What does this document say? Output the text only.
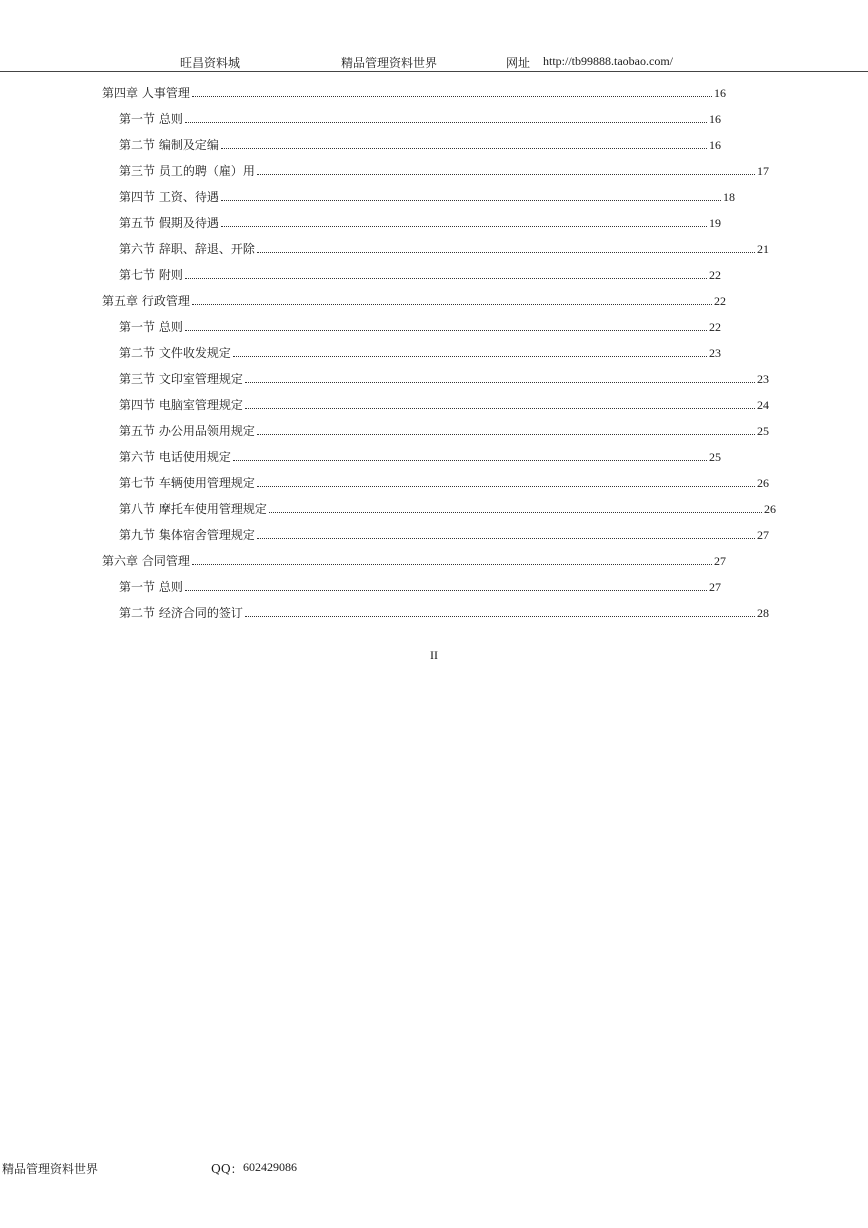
旺昌资料城	精品管理资料世界	网址 http://tb99888.taobao.com/
第四章 人事管理	16
第一节 总则	16
第二节 编制及定编	16
第三节 员工的聘（雇）用	17
第四节 工资、待遇	18
第五节 假期及待遇	19
第六节 辞职、辞退、开除	21
第七节 附则	22
第五章 行政管理	22
第一节 总则	22
第二节 文件收发规定	23
第三节 文印室管理规定	23
第四节 电脑室管理规定	24
第五节 办公用品领用规定	25
第六节 电话使用规定	25
第七节 车辆使用管理规定	26
第八节 摩托车使用管理规定	26
第九节 集体宿舍管理规定	27
第六章 合同管理	27
第一节 总则	27
第二节 经济合同的签订	28
II
精品管理资料世界	QQ： 602429086
